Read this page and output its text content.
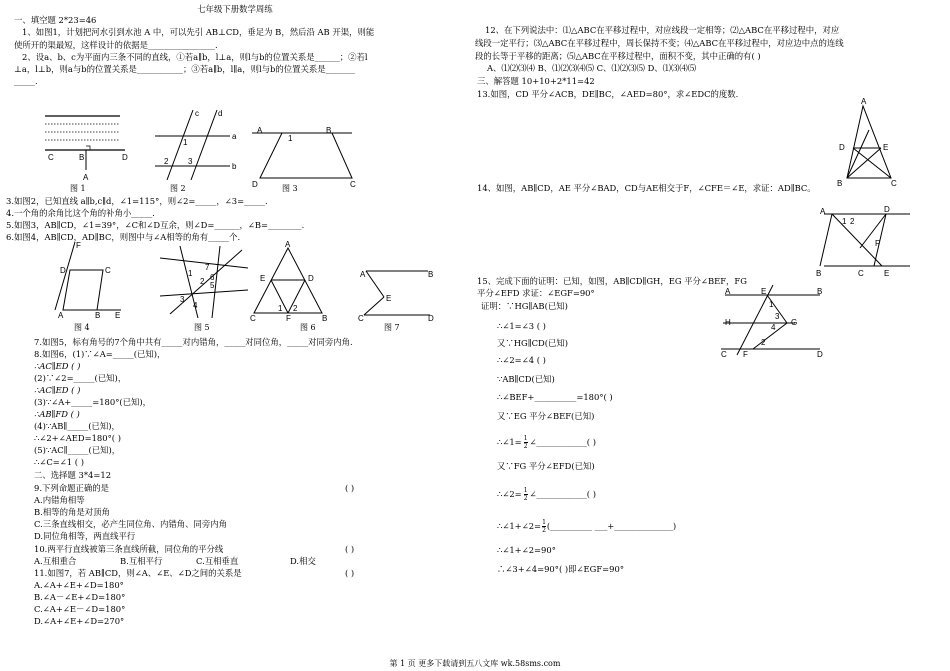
七年级下册数学周练
一、填空题 2*23=46
1、如图1，计划把河水引到水池 A 中，可以先引 AB⊥CD，垂足为 B，然后沿 AB 开渠，则能
使所开的渠最短，这样设计的依据是________________.
2、设a、b、c为平面内三条不同的直线，①若a∥b，l⊥a，则l与b的位置关系是______；②若l
⊥a，l⊥b，则a与b的位置关系是___________；③若a∥b，l∥a，则l与b的位置关系是_______
_____.
C	B	D
A
图 1
c d
a
b
1
2 3
图 2
A	B
D	C
1
图 3
3.如图2，已知直线 a∥b,c∥d，∠1=115°，则∠2=_____，∠3=_____.
4.一个角的余角比这个角的补角小_____.
5.如图3，AB∥CD，∠1=39°，∠C和∠D互余，则∠D=______，∠B=________.
6.如图4，AB∥CD，AD∥BC，则图中与∠A相等的角有_____个.
F
D	C
A	B E
图 4
7
6
5
2
1
3
4
图 5
A
E	D
C	F	B
1 2
图 6
A	B
E
C	D
图 7
7.如图5，标有角号的7个角中共有_____对内错角，_____对同位角，_____对同旁内角.
8.如图6，(1)∵∠A=_____(已知)，
∴AC∥ED ( )
(2)∵∠2=_____(已知)，
∴AC∥ED ( )
(3)∵∠A+_____=180°(已知)，
∴AB∥FD ( )
(4)∵AB∥_____(已知)，
∴∠2+∠AED=180°( )
(5)∵AC∥_____(已知)，
∴∠C=∠1 ( )
二、选择题 3*4=12
9.下列命题正确的是	( )
A.内错角相等
B.相等的角是对顶角
C.三条直线相交，必产生同位角、内错角、同旁内角
D.同位角相等，两直线平行
10.两平行直线被第三条直线所截，同位角的平分线	( )
A.互相重合	B.互相平行	C.互相垂直	D.相交
11.如图7，若 AB∥CD，则∠A、∠E、∠D之间的关系是	( )
A.∠A+∠E+∠D=180°
B.∠A－∠E+∠D=180°
C.∠A+∠E－∠D=180°
D.∠A+∠E+∠D=270°
12、在下列说法中：⑴△ABC在平移过程中，对应线段一定相等；⑵△ABC在平移过程中，对应
线段一定平行；⑶△ABC在平移过程中，周长保持不变；⑷△ABC在平移过程中，对应边中点的连线
段的长等于平移的距离；⑸△ABC在平移过程中，面积不变，其中正确的有( )
A、⑴⑵⑶⑷ B、⑴⑵⑶⑷⑸ C、⑴⑵⑶⑸ D、⑴⑶⑷⑸
三、解答题 10+10+2*11=42
13.如图，CD 平分∠ACB，DE∥BC，∠AED=80°，求∠EDC的度数.
A
D	E
B	C
14、如图，AB∥CD，AE 平分∠BAD，CD与AE相交于F，∠CFE＝∠E，求证：AD∥BC。
A	D
1 2
F
B	C	E
15、完成下面的证明：已知，如图，AB∥CD∥GH，EG 平分∠BEF，FG
平分∠EFD 求证：∠EGF=90°	A	E	B
H
3
4
G
1
2
C F	D
证明：∵HG∥AB(已知)
∴∠1=∠3 ( )
又∵HG∥CD(已知)
∴∠2=∠4 ( )
∵AB∥CD(已知)
∴∠BEF+__________=180°( )
又∵EG 平分∠BEF(已知)
∴∠1= $\frac{1}{2}$ ∠____________( )
又∵FG 平分∠EFD(已知)
∴∠2= $\frac{1}{2}$ ∠____________( )
∴∠1+∠2= $\frac{1}{2}$ (__________ ___+______________)
∴∠1+∠2=90°
∴∠3+∠4=90°( )即∠EGF=90°
第 1 页 更多下载请到五八文库 wk.58sms.com
